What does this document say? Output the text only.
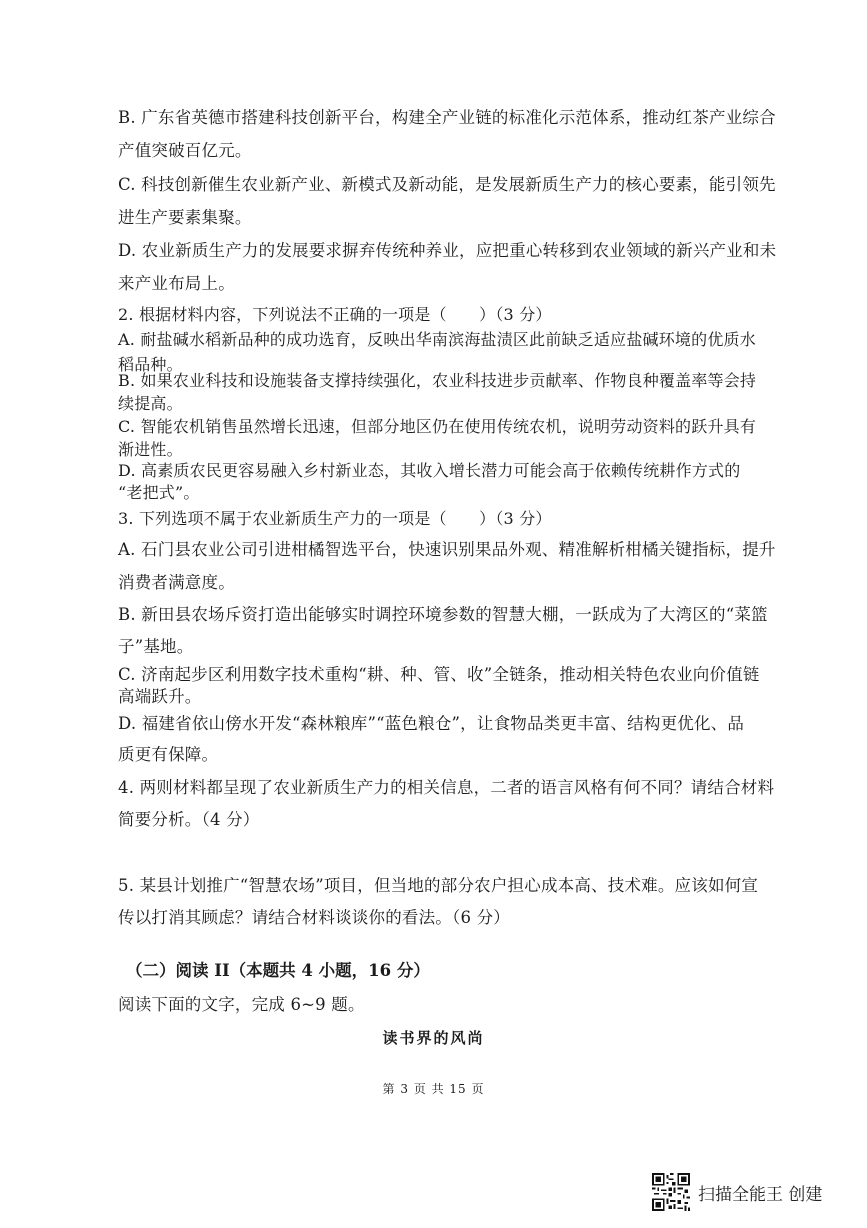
B. 广东省英德市搭建科技创新平台，构建全产业链的标准化示范体系，推动红茶产业综合
产值突破百亿元。
C. 科技创新催生农业新产业、新模式及新动能，是发展新质生产力的核心要素，能引领先
进生产要素集聚。
D. 农业新质生产力的发展要求摒弃传统种养业，应把重心转移到农业领域的新兴产业和未
来产业布局上。
2. 根据材料内容，下列说法不正确的一项是（　　）（3 分）
A. 耐盐碱水稻新品种的成功选育，反映出华南滨海盐渍区此前缺乏适应盐碱环境的优质水
稻品种。
B. 如果农业科技和设施装备支撑持续强化，农业科技进步贡献率、作物良种覆盖率等会持
续提高。
C. 智能农机销售虽然增长迅速，但部分地区仍在使用传统农机，说明劳动资料的跃升具有
渐进性。
D. 高素质农民更容易融入乡村新业态，其收入增长潜力可能会高于依赖传统耕作方式的
“老把式”。
3. 下列选项不属于农业新质生产力的一项是（　　）（3 分）
A. 石门县农业公司引进柑橘智选平台，快速识别果品外观、精准解析柑橘关键指标，提升
消费者满意度。
B. 新田县农场斥资打造出能够实时调控环境参数的智慧大棚，一跃成为了大湾区的“菜篮
子”基地。
C. 济南起步区利用数字技术重构“耕、种、管、收”全链条，推动相关特色农业向价值链
高端跃升。
D. 福建省依山傍水开发“森林粮库”“蓝色粮仓”，让食物品类更丰富、结构更优化、品
质更有保障。
4. 两则材料都呈现了农业新质生产力的相关信息，二者的语言风格有何不同？请结合材料
简要分析。（4 分）
5. 某县计划推广“智慧农场”项目，但当地的部分农户担心成本高、技术难。应该如何宣
传以打消其顾虑？请结合材料谈谈你的看法。（6 分）
（二）阅读 II（本题共 4 小题，16 分）
阅读下面的文字，完成 6~9 题。
读书界的风尚
第 3 页 共 15 页
扫描全能王 创建
